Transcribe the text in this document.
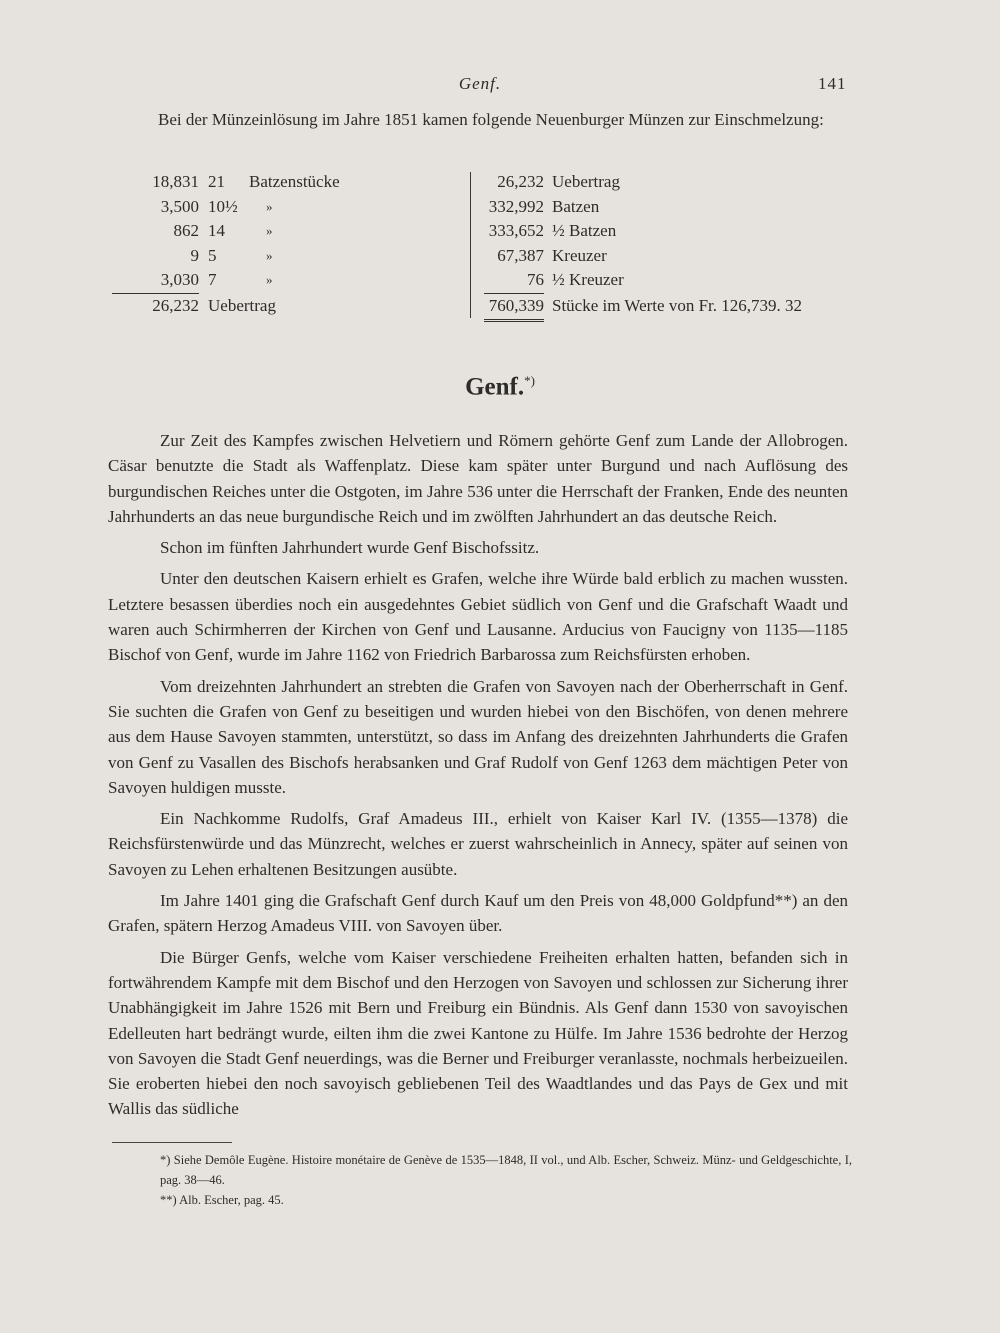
Genf.	141

Bei der Münzeinlösung im Jahre 1851 kamen folgende Neuenburger Münzen zur Einschmelzung:

18,831 21	Batzenstücke
3,500 10½	»
862 14	»
9 5	»
3,030 7	»
26,232 Uebertrag
26,232 Uebertrag
332,992 Batzen
333,652 ½ Batzen
67,387 Kreuzer
76 ½ Kreuzer
760,339 Stücke im Werte von Fr. 126,739. 32
Genf.*)

Zur Zeit des Kampfes zwischen Helvetiern und Römern gehörte Genf zum Lande der Allobrogen. Cäsar benutzte die Stadt als Waffenplatz. Diese kam später unter Burgund und nach Auflösung des burgundischen Reiches unter die Ostgoten, im Jahre 536 unter die Herrschaft der Franken, Ende des neunten Jahrhunderts an das neue burgundische Reich und im zwölften Jahrhundert an das deutsche Reich.

Schon im fünften Jahrhundert wurde Genf Bischofssitz.

Unter den deutschen Kaisern erhielt es Grafen, welche ihre Würde bald erblich zu machen wussten. Letztere besassen überdies noch ein ausgedehntes Gebiet südlich von Genf und die Grafschaft Waadt und waren auch Schirmherren der Kirchen von Genf und Lausanne. Arducius von Faucigny von 1135—1185 Bischof von Genf, wurde im Jahre 1162 von Friedrich Barbarossa zum Reichsfürsten erhoben.

Vom dreizehnten Jahrhundert an strebten die Grafen von Savoyen nach der Oberherrschaft in Genf. Sie suchten die Grafen von Genf zu beseitigen und wurden hiebei von den Bischöfen, von denen mehrere aus dem Hause Savoyen stammten, unterstützt, so dass im Anfang des dreizehnten Jahrhunderts die Grafen von Genf zu Vasallen des Bischofs herabsanken und Graf Rudolf von Genf 1263 dem mächtigen Peter von Savoyen huldigen musste.

Ein Nachkomme Rudolfs, Graf Amadeus III., erhielt von Kaiser Karl IV. (1355—1378) die Reichsfürstenwürde und das Münzrecht, welches er zuerst wahrscheinlich in Annecy, später auf seinen von Savoyen zu Lehen erhaltenen Besitzungen ausübte.

Im Jahre 1401 ging die Grafschaft Genf durch Kauf um den Preis von 48,000 Goldpfund**) an den Grafen, spätern Herzog Amadeus VIII. von Savoyen über.

Die Bürger Genfs, welche vom Kaiser verschiedene Freiheiten erhalten hatten, befanden sich in fortwährendem Kampfe mit dem Bischof und den Herzogen von Savoyen und schlossen zur Sicherung ihrer Unabhängigkeit im Jahre 1526 mit Bern und Freiburg ein Bündnis. Als Genf dann 1530 von savoyischen Edelleuten hart bedrängt wurde, eilten ihm die zwei Kantone zu Hülfe. Im Jahre 1536 bedrohte der Herzog von Savoyen die Stadt Genf neuerdings, was die Berner und Freiburger veranlasste, nochmals herbeizueilen. Sie eroberten hiebei den noch savoyisch gebliebenen Teil des Waadtlandes und das Pays de Gex und mit Wallis das südliche

*) Siehe Demôle Eugène. Histoire monétaire de Genève de 1535—1848, II vol., und Alb. Escher, Schweiz. Münz- und Geldgeschichte, I, pag. 38—46.

**) Alb. Escher, pag. 45.
